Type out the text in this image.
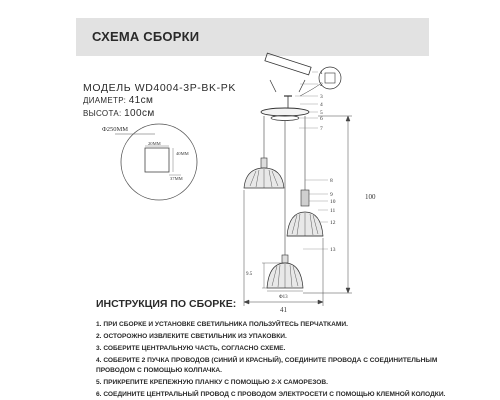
СХЕМА СБОРКИ
МОДЕЛЬ WD4004-3P-BK-PK
ДИАМЕТР: 41см
ВЫСОТА: 100см
Φ250MM
20MM
40MM
37MM
1
2
3
4
5
6
7
8
9
10
11
12
13
100
41
9.5
Φ13
ИНСТРУКЦИЯ ПО СБОРКЕ:
1. ПРИ СБОРКЕ И УСТАНОВКЕ СВЕТИЛЬНИКА ПОЛЬЗУЙТЕСЬ ПЕРЧАТКАМИ.
2. ОСТОРОЖНО ИЗВЛЕКИТЕ СВЕТИЛЬНИК ИЗ УПАКОВКИ.
3. СОБЕРИТЕ ЦЕНТРАЛЬНУЮ ЧАСТЬ, СОГЛАСНО СХЕМЕ.
4. СОБЕРИТЕ 2 ПУЧКА ПРОВОДОВ (СИНИЙ И КРАСНЫЙ), СОЕДИНИТЕ ПРОВОДА С СОЕДИНИТЕЛЬНЫМ
ПРОВОДОМ С ПОМОЩЬЮ КОЛПАЧКА.
5. ПРИКРЕПИТЕ КРЕПЕЖНУЮ ПЛАНКУ С ПОМОЩЬЮ 2-Х САМОРЕЗОВ.
6. СОЕДИНИТЕ ЦЕНТРАЛЬНЫЙ ПРОВОД С ПРОВОДОМ ЭЛЕКТРОСЕТИ С ПОМОЩЬЮ КЛЕМНОЙ КОЛОДКИ.
